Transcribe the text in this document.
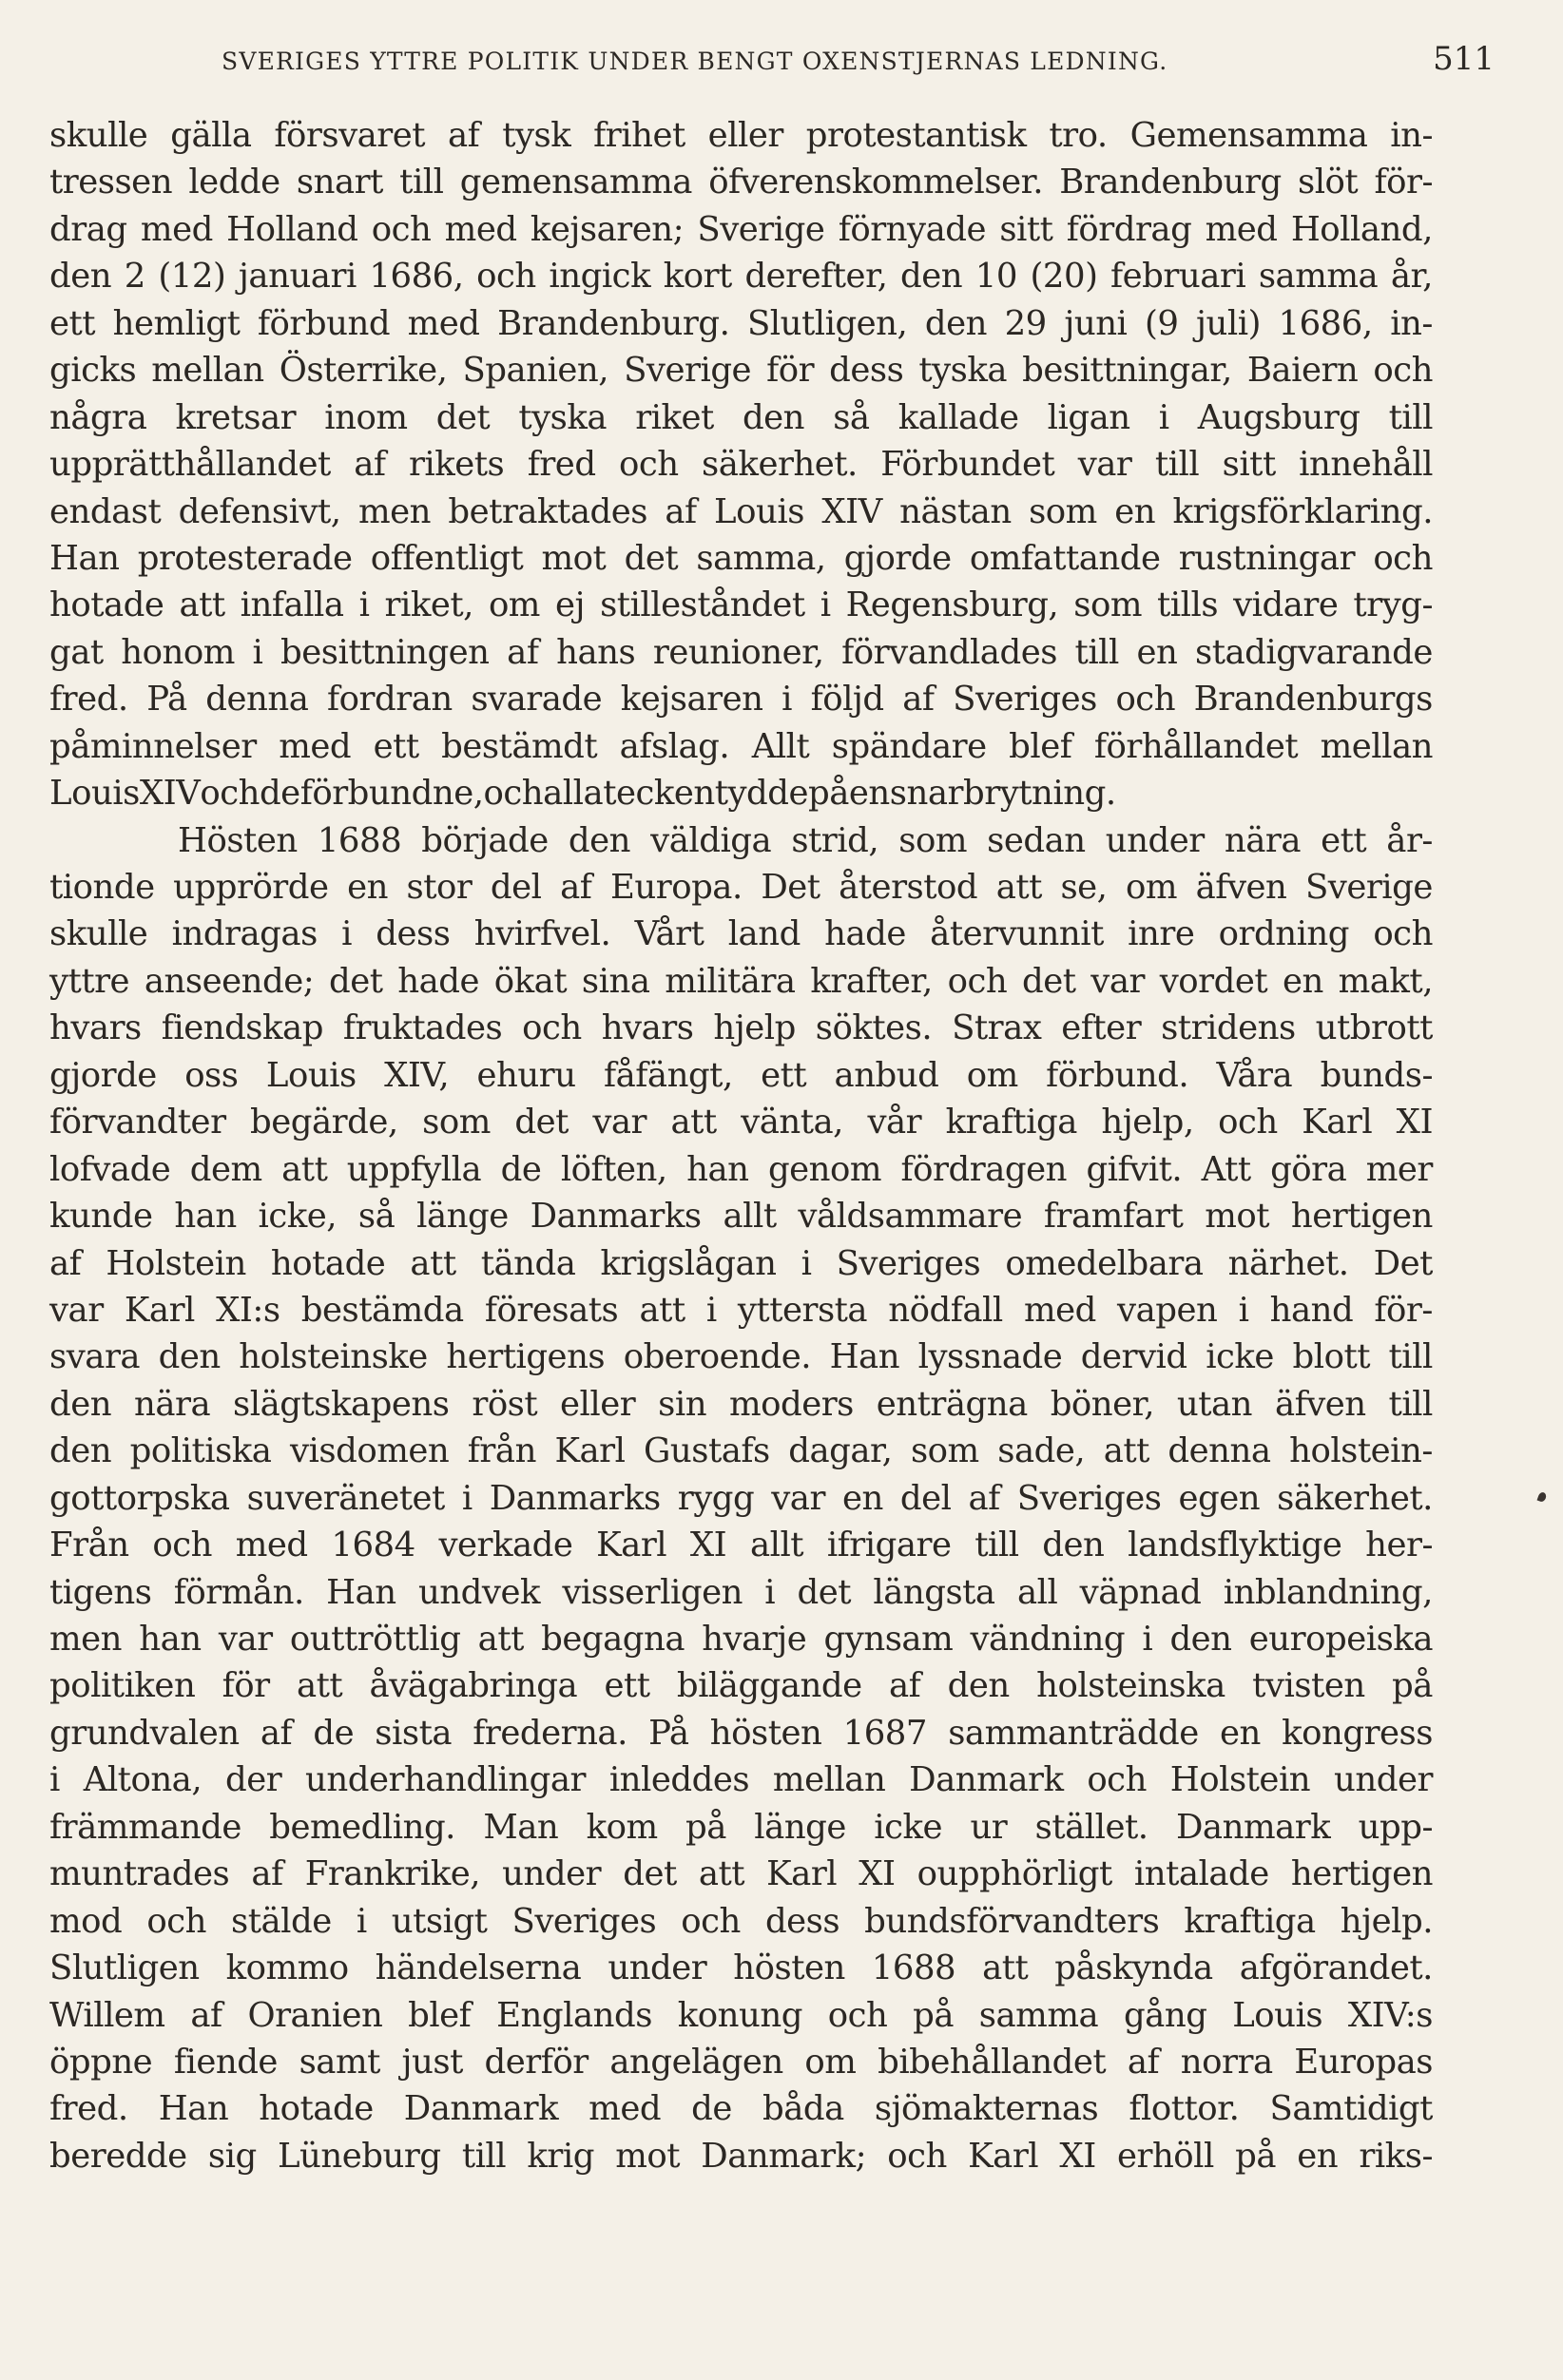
SVERIGES YTTRE POLITIK UNDER BENGT OXENSTJERNAS LEDNING.	511
skulle gälla försvaret af tysk frihet eller protestantisk tro. Gemensamma in-
tressen ledde snart till gemensamma öfverenskommelser. Brandenburg slöt för-
drag med Holland och med kejsaren; Sverige förnyade sitt fördrag med Holland,
den 2 (12) januari 1686, och ingick kort derefter, den 10 (20) februari samma år,
ett hemligt förbund med Brandenburg. Slutligen, den 29 juni (9 juli) 1686, in-
gicks mellan Österrike, Spanien, Sverige för dess tyska besittningar, Baiern och
några kretsar inom det tyska riket den så kallade ligan i Augsburg till
upprätthållandet af rikets fred och säkerhet. Förbundet var till sitt innehåll
endast defensivt, men betraktades af Louis XIV nästan som en krigsförklaring.
Han protesterade offentligt mot det samma, gjorde omfattande rustningar och
hotade att infalla i riket, om ej stilleståndet i Regensburg, som tills vidare tryg-
gat honom i besittningen af hans reunioner, förvandlades till en stadigvarande
fred. På denna fordran svarade kejsaren i följd af Sveriges och Brandenburgs
påminnelser med ett bestämdt afslag. Allt spändare blef förhållandet mellan
Louis XIV och de förbundne, och alla tecken tydde på en snar brytning.
Hösten 1688 började den väldiga strid, som sedan under nära ett år-
tionde upprörde en stor del af Europa. Det återstod att se, om äfven Sverige
skulle indragas i dess hvirfvel. Vårt land hade återvunnit inre ordning och
yttre anseende; det hade ökat sina militära krafter, och det var vordet en makt,
hvars fiendskap fruktades och hvars hjelp söktes. Strax efter stridens utbrott
gjorde oss Louis XIV, ehuru fåfängt, ett anbud om förbund. Våra bunds-
förvandter begärde, som det var att vänta, vår kraftiga hjelp, och Karl XI
lofvade dem att uppfylla de löften, han genom fördragen gifvit. Att göra mer
kunde han icke, så länge Danmarks allt våldsammare framfart mot hertigen
af Holstein hotade att tända krigslågan i Sveriges omedelbara närhet. Det
var Karl XI:s bestämda föresats att i yttersta nödfall med vapen i hand för-
svara den holsteinske hertigens oberoende. Han lyssnade dervid icke blott till
den nära slägtskapens röst eller sin moders enträgna böner, utan äfven till
den politiska visdomen från Karl Gustafs dagar, som sade, att denna holstein-
gottorpska suveränetet i Danmarks rygg var en del af Sveriges egen säkerhet.
Från och med 1684 verkade Karl XI allt ifrigare till den landsflyktige her-
tigens förmån. Han undvek visserligen i det längsta all väpnad inblandning,
men han var outtröttlig att begagna hvarje gynsam vändning i den europeiska
politiken för att åvägabringa ett biläggande af den holsteinska tvisten på
grundvalen af de sista frederna. På hösten 1687 sammanträdde en kongress
i Altona, der underhandlingar inleddes mellan Danmark och Holstein under
främmande bemedling. Man kom på länge icke ur stället. Danmark upp-
muntrades af Frankrike, under det att Karl XI oupphörligt intalade hertigen
mod och stälde i utsigt Sveriges och dess bundsförvandters kraftiga hjelp.
Slutligen kommo händelserna under hösten 1688 att påskynda afgörandet.
Willem af Oranien blef Englands konung och på samma gång Louis XIV:s
öppne fiende samt just derför angelägen om bibehållandet af norra Europas
fred. Han hotade Danmark med de båda sjömakternas flottor. Samtidigt
beredde sig Lüneburg till krig mot Danmark; och Karl XI erhöll på en riks-
